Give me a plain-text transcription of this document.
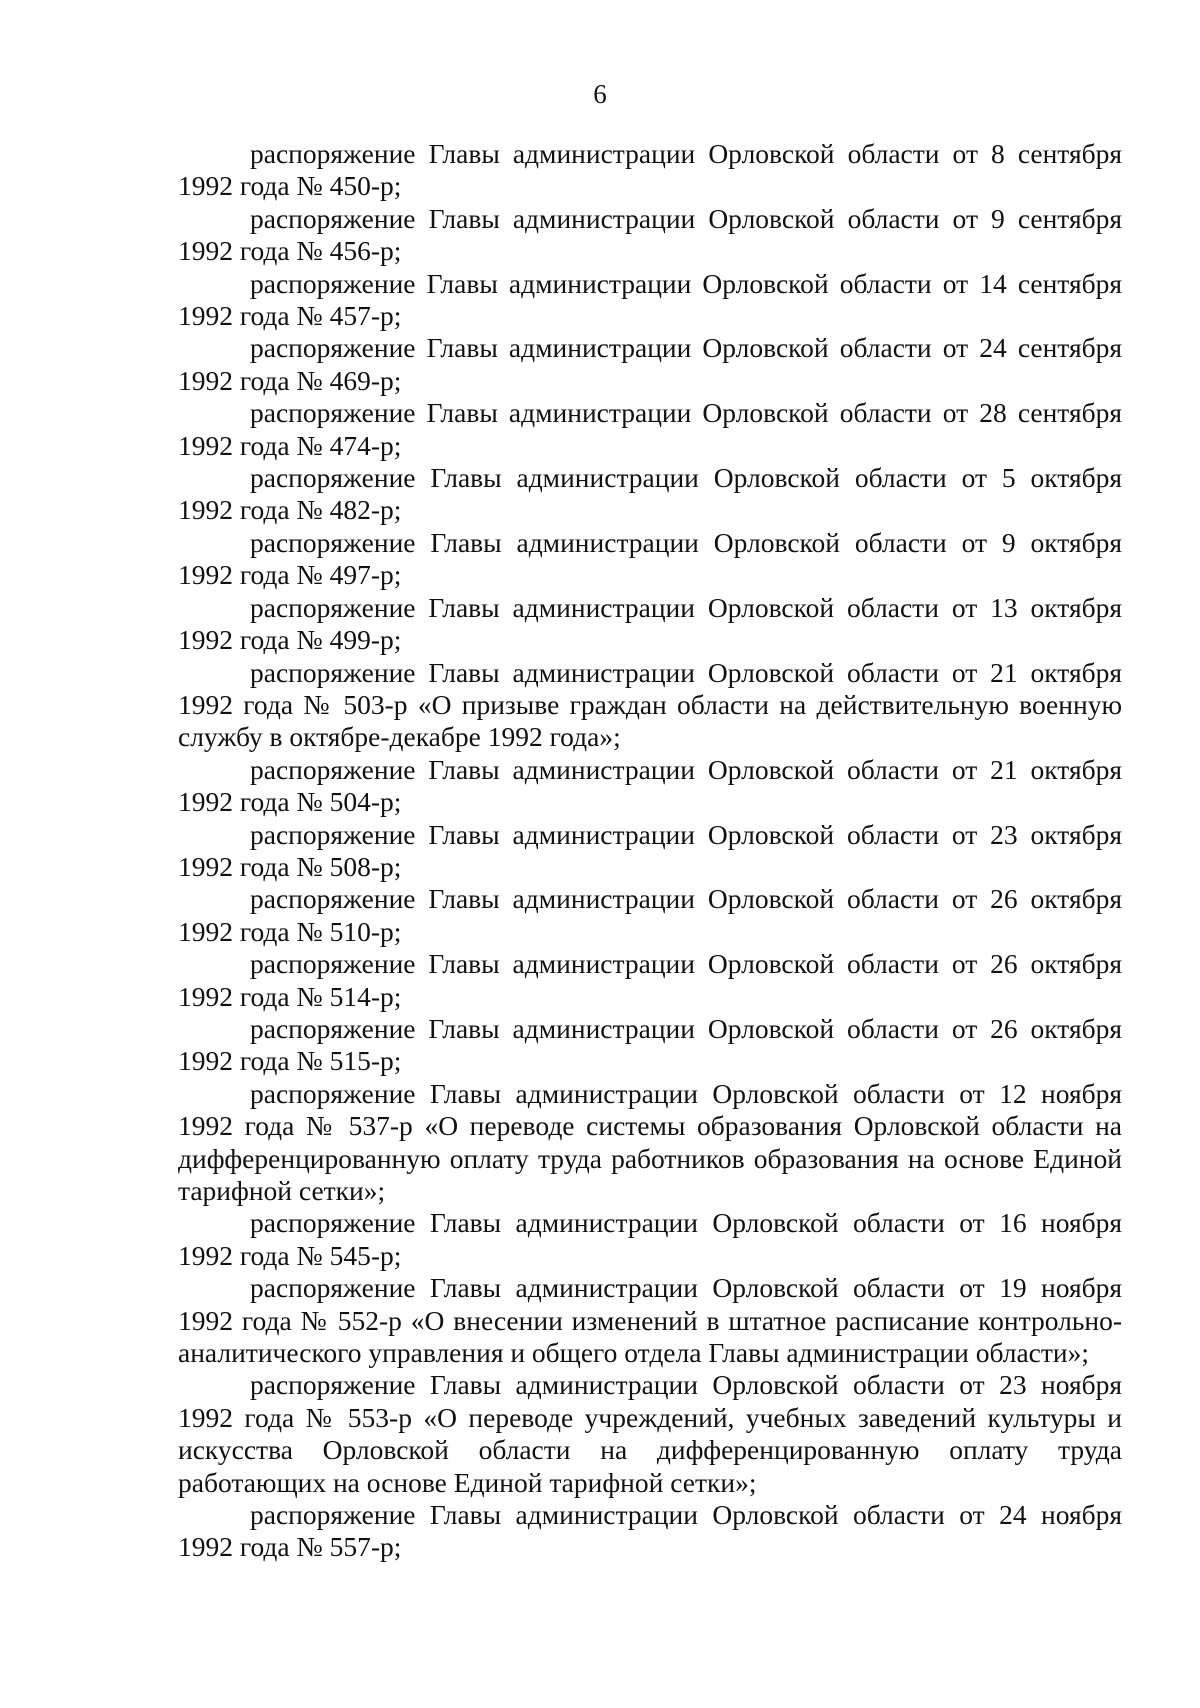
6

распоряжение Главы администрации Орловской области от 8 сентября 1992 года № 450-р;

распоряжение Главы администрации Орловской области от 9 сентября 1992 года № 456-р;

распоряжение Главы администрации Орловской области от 14 сентября 1992 года № 457-р;

распоряжение Главы администрации Орловской области от 24 сентября 1992 года № 469-р;

распоряжение Главы администрации Орловской области от 28 сентября 1992 года № 474-р;

распоряжение Главы администрации Орловской области от 5 октября 1992 года № 482-р;

распоряжение Главы администрации Орловской области от 9 октября 1992 года № 497-р;

распоряжение Главы администрации Орловской области от 13 октября 1992 года № 499-р;

распоряжение Главы администрации Орловской области от 21 октября 1992 года № 503-р «О призыве граждан области на действительную военную службу в октябре-декабре 1992 года»;

распоряжение Главы администрации Орловской области от 21 октября 1992 года № 504-р;

распоряжение Главы администрации Орловской области от 23 октября 1992 года № 508-р;

распоряжение Главы администрации Орловской области от 26 октября 1992 года № 510-р;

распоряжение Главы администрации Орловской области от 26 октября 1992 года № 514-р;

распоряжение Главы администрации Орловской области от 26 октября 1992 года № 515-р;

распоряжение Главы администрации Орловской области от 12 ноября 1992 года № 537-р «О переводе системы образования Орловской области на дифференцированную оплату труда работников образования на основе Единой тарифной сетки»;

распоряжение Главы администрации Орловской области от 16 ноября 1992 года № 545-р;

распоряжение Главы администрации Орловской области от 19 ноября 1992 года № 552-р «О внесении изменений в штатное расписание контрольно-аналитического управления и общего отдела Главы администрации области»;

распоряжение Главы администрации Орловской области от 23 ноября 1992 года № 553-р «О переводе учреждений, учебных заведений культуры и искусства Орловской области на дифференцированную оплату труда работающих на основе Единой тарифной сетки»;

распоряжение Главы администрации Орловской области от 24 ноября 1992 года № 557-р;
